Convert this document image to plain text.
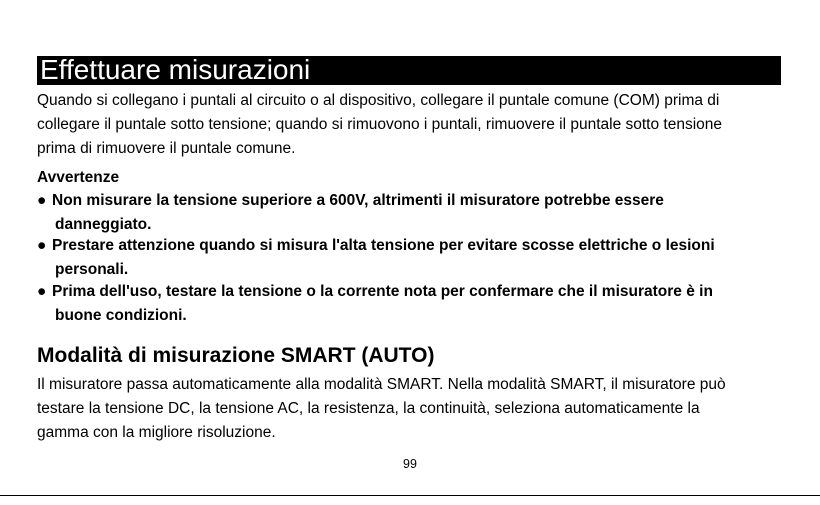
Effettuare misurazioni
Quando si collegano i puntali al circuito o al dispositivo, collegare il puntale comune (COM) prima di
collegare il puntale sotto tensione; quando si rimuovono i puntali, rimuovere il puntale sotto tensione
prima di rimuovere il puntale comune.
Avvertenze
● Non misurare la tensione superiore a 600V, altrimenti il misuratore potrebbe essere
danneggiato.
● Prestare attenzione quando si misura l'alta tensione per evitare scosse elettriche o lesioni
personali.
● Prima dell'uso, testare la tensione o la corrente nota per confermare che il misuratore è in
buone condizioni.
Modalità di misurazione SMART (AUTO)
Il misuratore passa automaticamente alla modalità SMART. Nella modalità SMART, il misuratore può
testare la tensione DC, la tensione AC, la resistenza, la continuità, seleziona automaticamente la
gamma con la migliore risoluzione.
99
